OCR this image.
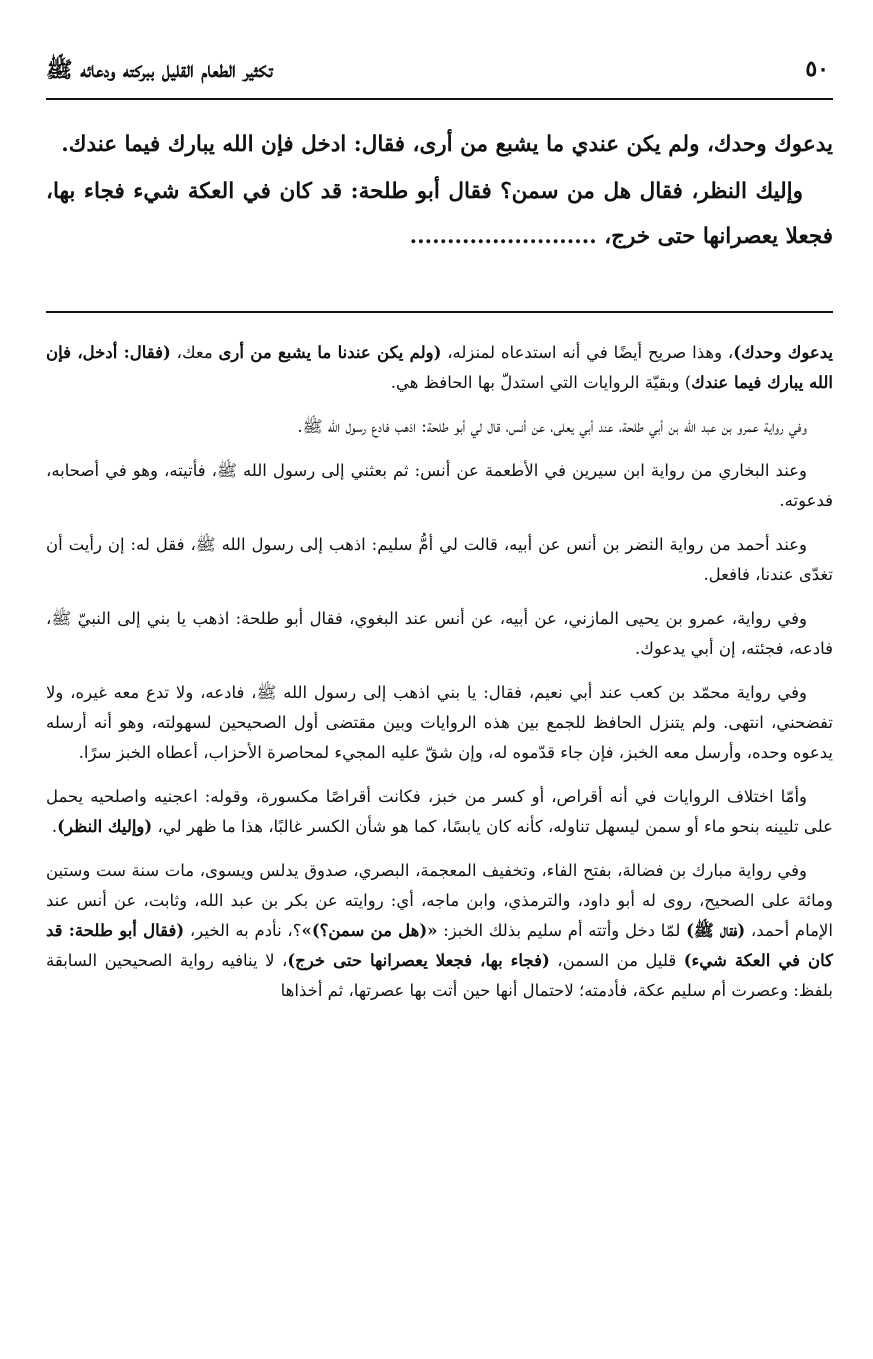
٥٠
تكثير الطعام القليل ببركته ودعائه ﷺ

يدعوك وحدك، ولم يكن عندي ما يشبع من أرى، فقال: ادخل فإن الله يبارك فيما عندك.

وإليك النظر، فقال هل من سمن؟ فقال أبو طلحة: قد كان في العكة شيء فجاء بها، فجعلا يعصرانها حتى خرج، .........................

يدعوك وحدك)، وهذا صريح أيضًا في أنه استدعاه لمنزله، (ولم يكن عندنا ما يشبع من أرى معك، (فقال: أدخل، فإن الله يبارك فيما عندك) وبقيّة الروايات التي استدلّ بها الحافظ هي.

وفي رواية عمرو بن عبد الله بن أبي طلحة، عند أبي يعلى، عن أنس، قال لي أبو طلحة: اذهب فادع رسول الله ﷺ.

وعند البخاري من رواية ابن سيرين في الأطعمة عن أنس: ثم بعثني إلى رسول الله ﷺ، فأتيته، وهو في أصحابه، فدعوته.

وعند أحمد من رواية النضر بن أنس عن أبيه، قالت لي أمُّ سليم: اذهب إلى رسول الله ﷺ، فقل له: إن رأيت أن تغدّى عندنا، فافعل.

وفي رواية، عمرو بن يحيى المازني، عن أبيه، عن أنس عند البغوي، فقال أبو طلحة: اذهب يا بني إلى النبيّ ﷺ، فادعه، فجئته، إن أبي يدعوك.

وفي رواية محمّد بن كعب عند أبي نعيم، فقال: يا بني اذهب إلى رسول الله ﷺ، فادعه، ولا تدع معه غيره، ولا تفضحني، انتهى. ولم يتنزل الحافظ للجمع بين هذه الروايات وبين مقتضى أول الصحيحين لسهولته، وهو أنه أرسله يدعوه وحده، وأرسل معه الخبز، فإن جاء قدّموه له، وإن شقّ عليه المجيء لمحاصرة الأحزاب، أعطاه الخبز سرًا.

وأمّا اختلاف الروايات في أنه أقراص، أو كسر من خبز، فكانت أقراصًا مكسورة، وقوله: اعجنيه واصلحيه يحمل على تليينه بنحو ماء أو سمن ليسهل تناوله، كأنه كان يابسًا، كما هو شأن الكسر غالبًا، هذا ما ظهر لي، (وإليك النظر).

وفي رواية مبارك بن فضالة، بفتح الفاء، وتخفيف المعجمة، البصري، صدوق يدلس ويسوى، مات سنة ست وستين ومائة على الصحيح، روى له أبو داود، والترمذي، وابن ماجه، أي: روايته عن بكر بن عبد الله، وثابت، عن أنس عند الإمام أحمد، (فقال ﷺ) لمّا دخل وأتته أم سليم بذلك الخبز: «(هل من سمن؟)»؟، نأدم به الخير، (فقال أبو طلحة: قد كان في العكة شيء) قليل من السمن، (فجاء بها، فجعلا يعصرانها حتى خرج)، لا ينافيه رواية الصحيحين السابقة بلفظ: وعصرت أم سليم عكة، فأدمته؛ لاحتمال أنها حين أتت بها عصرتها، ثم أخذاها
